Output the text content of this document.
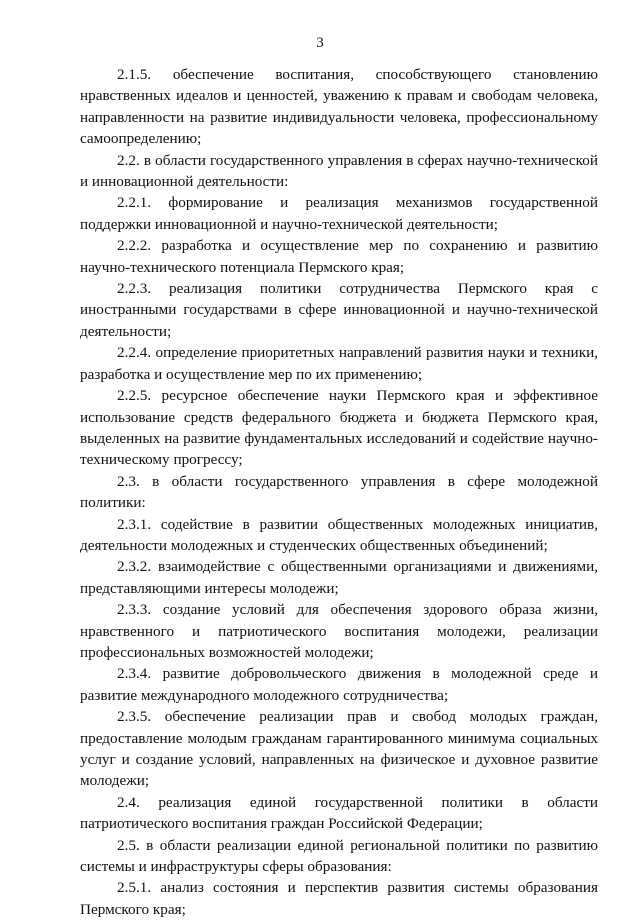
3

2.1.5. обеспечение воспитания, способствующего становлению нравственных идеалов и ценностей, уважению к правам и свободам человека, направленности на развитие индивидуальности человека, профессиональному самоопределению;

2.2. в области государственного управления в сферах научно-технической и инновационной деятельности:

2.2.1. формирование и реализация механизмов государственной поддержки инновационной и научно-технической деятельности;

2.2.2. разработка и осуществление мер по сохранению и развитию научно-технического потенциала Пермского края;

2.2.3. реализация политики сотрудничества Пермского края с иностранными государствами в сфере инновационной и научно-технической деятельности;

2.2.4. определение приоритетных направлений развития науки и техники, разработка и осуществление мер по их применению;

2.2.5. ресурсное обеспечение науки Пермского края и эффективное использование средств федерального бюджета и бюджета Пермского края, выделенных на развитие фундаментальных исследований и содействие научно-техническому прогрессу;

2.3. в области государственного управления в сфере молодежной политики:

2.3.1. содействие в развитии общественных молодежных инициатив, деятельности молодежных и студенческих общественных объединений;

2.3.2. взаимодействие с общественными организациями и движениями, представляющими интересы молодежи;

2.3.3. создание условий для обеспечения здорового образа жизни, нравственного и патриотического воспитания молодежи, реализации профессиональных возможностей молодежи;

2.3.4. развитие добровольческого движения в молодежной среде и развитие международного молодежного сотрудничества;

2.3.5. обеспечение реализации прав и свобод молодых граждан, предоставление молодым гражданам гарантированного минимума социальных услуг и создание условий, направленных на физическое и духовное развитие молодежи;

2.4. реализация единой государственной политики в области патриотического воспитания граждан Российской Федерации;

2.5. в области реализации единой региональной политики по развитию системы и инфраструктуры сферы образования:

2.5.1. анализ состояния и перспектив развития системы образования Пермского края;
